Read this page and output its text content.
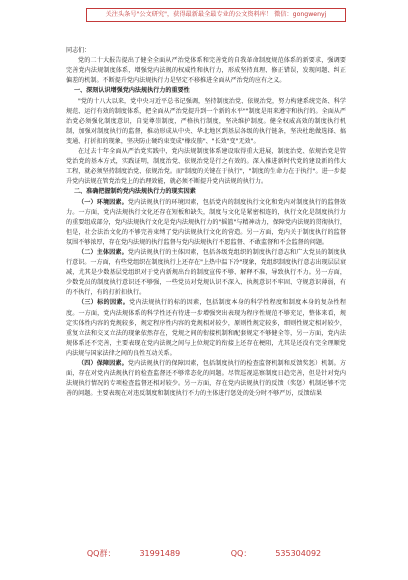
关注头条号"公文研究"，获得最新最全最专业的公文资料库！ 微信：gongwenyj

同志们：

党的二十大报告提出了健全全面从严治党体系和完善党的自我革命制度规范体系的新要求，强调要完善党内法规制度体系，增强党内法规的权威性和执行力，形成坚持真理、修正错误，发现问题、纠正偏差的机制。不断提升党内法规执行力是坚定不移推进全面从严治党的应有之义。

一、深刻认识增强党内法规执行力的重要性

"党的十八大以来，党中央习近平总书记强调，坚持制度治党、依规治党，努力构建系统完备、科学规范、运行有效的制度体系，把全面从严治党提升到一个新的水平""制度是用来遵守和执行的。全面从严治党必须强化制度意识，自觉尊崇制度，严格执行制度，坚决维护制度。健全权威高效的制度执行机制，加强对制度执行的监督，推动形成从中央、华北地区到基层各级的执行链条，坚决杜绝做选择、搞变通、打折扣的现象，坚决防止硬约束变成"橡皮筋"、"长效"变"无效"。

在过去十年全面从严治党实践中，党内法规制度体系建设取得重大进展，制度治党、依规治党是管党治党的基本方式，实践证明，制度治党、依规治党是行之有效的。深入推进新时代党的建设新的伟大工程，就必须坚持制度治党、依规治党。而"制度的关键在于执行"，"制度的生命力在于执行"。进一步提升党内法规在管党治党上的治理效能，就必须不断提升党内法规的执行力。

二、准确把握制约党内法规执行力的现实因素

（一）环境因素。党内法规执行的环境因素，包括党内的制度执行文化和党内对制度执行的监督效力。一方面，党内法规执行文化还存在短板和缺失，制度与文化是紧密相连的，执行文化是制度执行力的重要组成部分，党内法规执行文化是党内法规执行力的"摇篮"与精神动力，保障党内法规的贯彻执行，但是，社会法治文化的不够完善束缚了党内法规执行文化的营造。另一方面，党内关于制度执行的监督氛围不够浓厚，存在党内法规的执行监督与党内法规执行不愿监督、不敢监督和不会监督的问题。

（二）主体因素。党内法规执行的主体因素，包括各级党组织的制度执行意志和广大党员的制度执行意识。一方面，有些党组织在制度执行上还存在"上热中温下冷"现象，党组织制度执行意志出现层层衰减，尤其是少数基层党组织对于党内新规出台的制度宣传不够、解释不准，导致执行不力。另一方面，少数党员的制度执行意识还不够强，一些党员对党规认识不深入、执规意识不牢固、守规意识薄弱，有的不执行，有的打折扣执行。

（三）标的因素。党内法规执行的标的因素，包括制度本身的科学性程度和制度本身的复杂性程度。一方面，党内法规体系的科学性还有待进一步增强突出表现为程序性规范不够充足，整体来看，规定实体性内容的党规较多，规定程序性内容的党规相对较少，原则性规定较多，细则性规定相对较少，重复立法和交叉立法的现象依然存在，党规之间的衔接机制和配套规定不够健全等，另一方面，党内法规体系还不完善，主要表现在党内法规之间与上位规定的衔接上还存在梗阻，尤其是还没有完全理顺党内法规与国家法律之间的良性互动关系。

（四）保障因素。党内法规执行的保障因素，包括制度执行的检查监督机制和反馈奖惩）机制。方面，存在对党内法规执行的检查监督还不够常态化的问题。尽管巡视巡察制度日趋完善，但是针对党内法规执行情况的专项检查监督还相对较少。另一方面，存在党内法规执行的反馈（奖惩）机制还够不完善的问题。主要表现在对违反制度和制度执行不力的主体进行惩处的处分时不够严厉，反馈结果

QQ群：	31991489	QQ：	535304092
